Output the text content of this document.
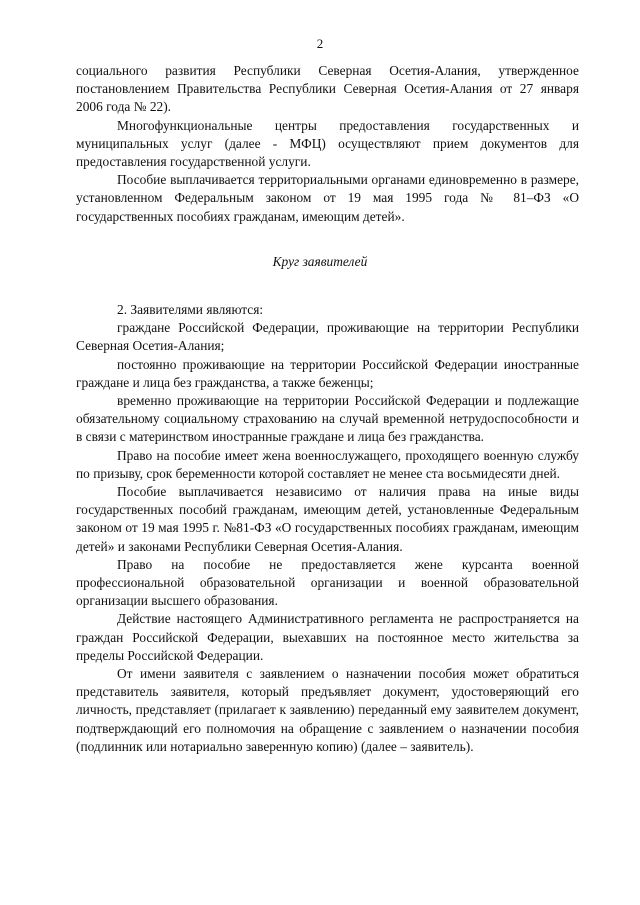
2

социального развития Республики Северная Осетия-Алания, утвержденное постановлением Правительства Республики Северная Осетия-Алания от 27 января 2006 года № 22).

Многофункциональные центры предоставления государственных и муниципальных услуг (далее - МФЦ) осуществляют прием документов для предоставления государственной услуги.

Пособие выплачивается территориальными органами единовременно в размере, установленном Федеральным законом от 19 мая 1995 года № 81–ФЗ «О государственных пособиях гражданам, имеющим детей».

Круг заявителей

2. Заявителями являются:

граждане Российской Федерации, проживающие на территории Республики Северная Осетия-Алания;

постоянно проживающие на территории Российской Федерации иностранные граждане и лица без гражданства, а также беженцы;

временно проживающие на территории Российской Федерации и подлежащие обязательному социальному страхованию на случай временной нетрудоспособности и в связи с материнством иностранные граждане и лица без гражданства.

Право на пособие имеет жена военнослужащего, проходящего военную службу по призыву, срок беременности которой составляет не менее ста восьмидесяти дней.

Пособие выплачивается независимо от наличия права на иные виды государственных пособий гражданам, имеющим детей, установленные Федеральным законом от 19 мая 1995 г. №81-ФЗ «О государственных пособиях гражданам, имеющим детей» и законами Республики Северная Осетия-Алания.

Право на пособие не предоставляется жене курсанта военной профессиональной образовательной организации и военной образовательной организации высшего образования.

Действие настоящего Административного регламента не распространяется на граждан Российской Федерации, выехавших на постоянное место жительства за пределы Российской Федерации.

От имени заявителя с заявлением о назначении пособия может обратиться представитель заявителя, который предъявляет документ, удостоверяющий его личность, представляет (прилагает к заявлению) переданный ему заявителем документ, подтверждающий его полномочия на обращение с заявлением о назначении пособия (подлинник или нотариально заверенную копию) (далее – заявитель).
